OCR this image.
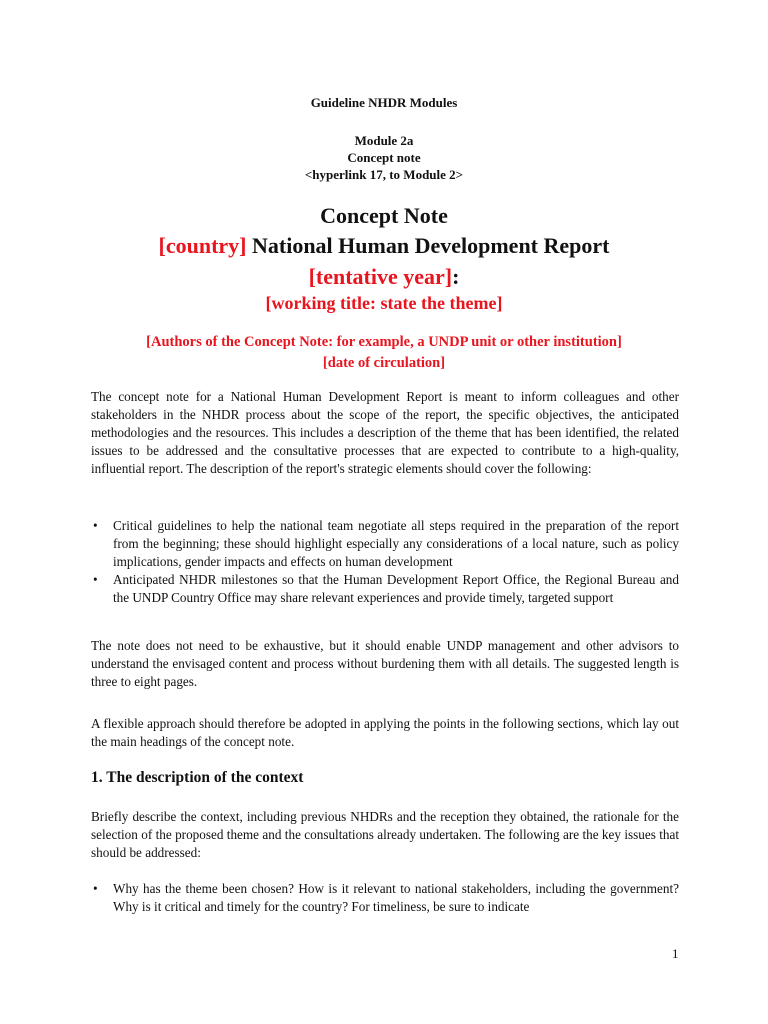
Guideline NHDR Modules
Module 2a
Concept note
<hyperlink 17, to Module 2>
Concept Note
[country] National Human Development Report
[tentative year]:
[working title: state the theme]
[Authors of the Concept Note: for example, a UNDP unit or other institution]
[date of circulation]
The concept note for a National Human Development Report is meant to inform colleagues and other stakeholders in the NHDR process about the scope of the report, the specific objectives, the anticipated methodologies and the resources. This includes a description of the theme that has been identified, the related issues to be addressed and the consultative processes that are expected to contribute to a high-quality, influential report. The description of the report's strategic elements should cover the following:
• Critical guidelines to help the national team negotiate all steps required in the preparation of the report from the beginning; these should highlight especially any considerations of a local nature, such as policy implications, gender impacts and effects on human development
• Anticipated NHDR milestones so that the Human Development Report Office, the Regional Bureau and the UNDP Country Office may share relevant experiences and provide timely, targeted support
The note does not need to be exhaustive, but it should enable UNDP management and other advisors to understand the envisaged content and process without burdening them with all details. The suggested length is three to eight pages.
A flexible approach should therefore be adopted in applying the points in the following sections, which lay out the main headings of the concept note.
1. The description of the context
Briefly describe the context, including previous NHDRs and the reception they obtained, the rationale for the selection of the proposed theme and the consultations already undertaken. The following are the key issues that should be addressed:
• Why has the theme been chosen? How is it relevant to national stakeholders, including the government? Why is it critical and timely for the country? For timeliness, be sure to indicate
1
